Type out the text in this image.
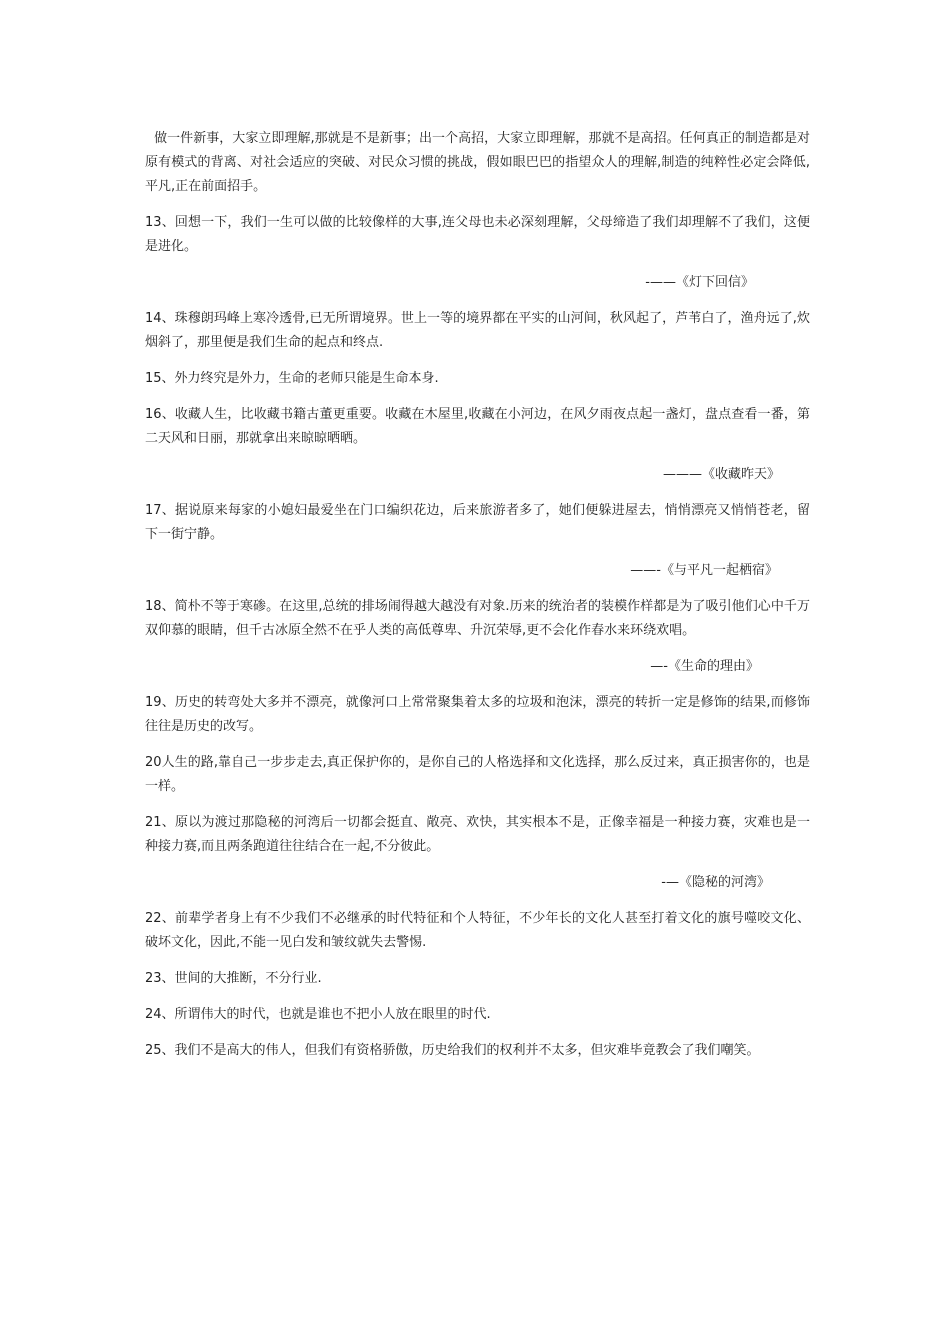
做一件新事，大家立即理解,那就是不是新事；出一个高招，大家立即理解，那就不是高招。任何真正的制造都是对原有模式的背离、对社会适应的突破、对民众习惯的挑战，假如眼巴巴的指望众人的理解,制造的纯粹性必定会降低,平凡,正在前面招手。

13、回想一下，我们一生可以做的比较像样的大事,连父母也未必深刻理解，父母缔造了我们却理解不了我们，这便是进化。

-——《灯下回信》

14、珠穆朗玛峰上寒冷透骨,已无所谓境界。世上一等的境界都在平实的山河间，秋风起了，芦苇白了，渔舟远了,炊烟斜了，那里便是我们生命的起点和终点.

15、外力终究是外力，生命的老师只能是生命本身.

16、收藏人生，比收藏书籍古董更重要。收藏在木屋里,收藏在小河边，在风夕雨夜点起一盏灯，盘点查看一番，第二天风和日丽，那就拿出来晾晾晒晒。

———《收藏昨天》

17、据说原来每家的小媳妇最爱坐在门口编织花边，后来旅游者多了，她们便躲进屋去，悄悄漂亮又悄悄苍老，留下一街宁静。

——-《与平凡一起栖宿》

18、简朴不等于寒碜。在这里,总统的排场闹得越大越没有对象.历来的统治者的装模作样都是为了吸引他们心中千万双仰慕的眼睛，但千古冰原全然不在乎人类的高低尊卑、升沉荣辱,更不会化作春水来环绕欢唱。

—-《生命的理由》

19、历史的转弯处大多并不漂亮，就像河口上常常聚集着太多的垃圾和泡沫，漂亮的转折一定是修饰的结果,而修饰往往是历史的改写。

20人生的路,靠自己一步步走去,真正保护你的，是你自己的人格选择和文化选择，那么反过来，真正损害你的，也是一样。

21、原以为渡过那隐秘的河湾后一切都会挺直、敞亮、欢快，其实根本不是，正像幸福是一种接力赛，灾难也是一种接力赛,而且两条跑道往往结合在一起,不分彼此。

-—《隐秘的河湾》

22、前辈学者身上有不少我们不必继承的时代特征和个人特征，不少年长的文化人甚至打着文化的旗号噬咬文化、破坏文化，因此,不能一见白发和皱纹就失去警惕.

23、世间的大推断，不分行业.

24、所谓伟大的时代，也就是谁也不把小人放在眼里的时代.

25、我们不是高大的伟人，但我们有资格骄傲，历史给我们的权利并不太多，但灾难毕竟教会了我们嘲笑。
